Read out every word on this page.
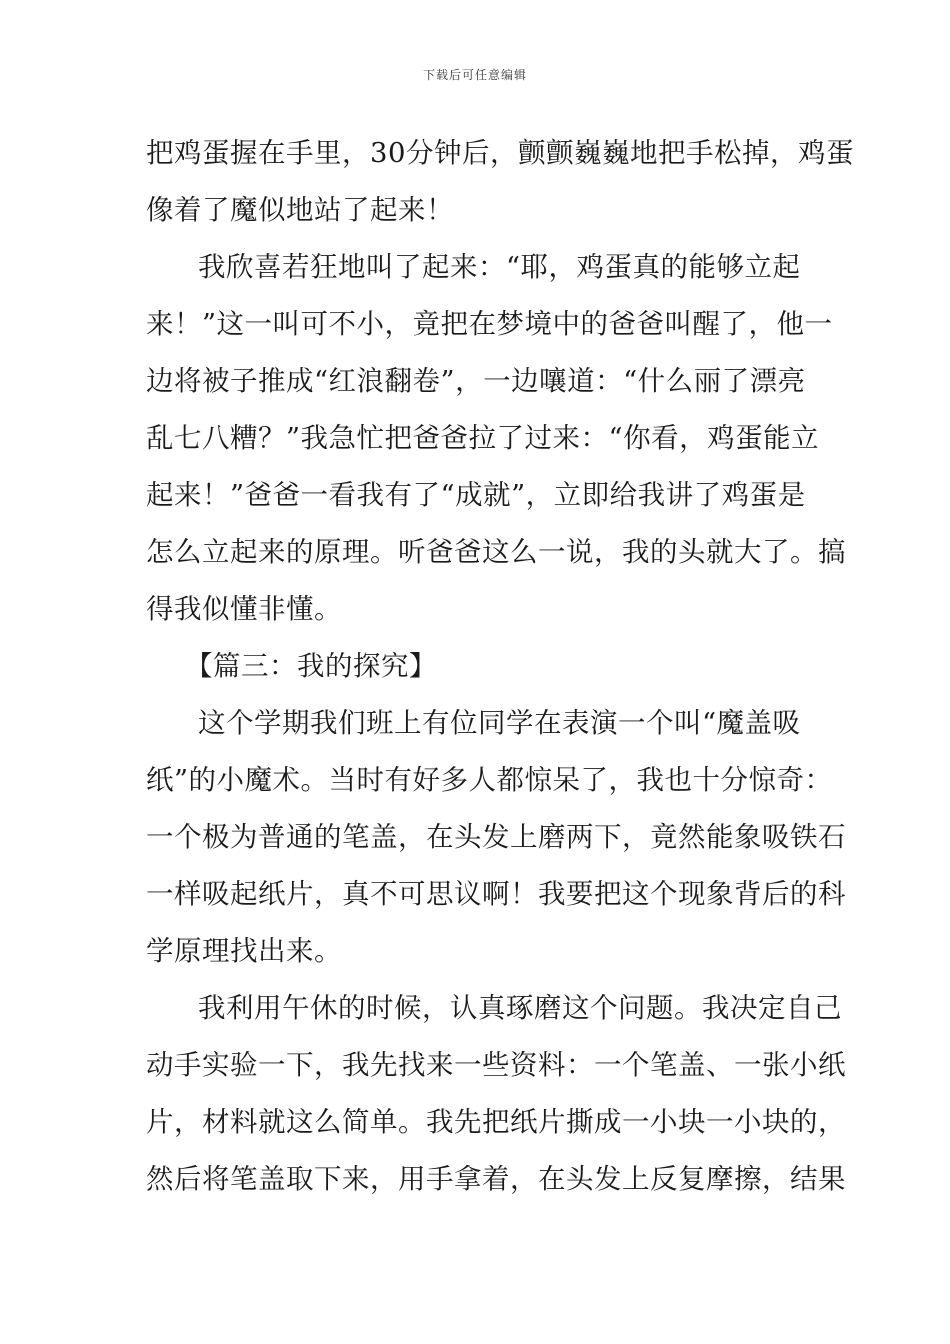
下载后可任意编辑
把鸡蛋握在手里，30分钟后，颤颤巍巍地把手松掉，鸡蛋
像着了魔似地站了起来！
我欣喜若狂地叫了起来：“耶，鸡蛋真的能够立起
来！”这一叫可不小，竟把在梦境中的爸爸叫醒了，他一
边将被子推成“红浪翻卷”，一边嚷道：“什么丽了漂亮
乱七八糟？”我急忙把爸爸拉了过来：“你看，鸡蛋能立
起来！”爸爸一看我有了“成就”，立即给我讲了鸡蛋是
怎么立起来的原理。听爸爸这么一说，我的头就大了。搞
得我似懂非懂。
【篇三：我的探究】
这个学期我们班上有位同学在表演一个叫“魔盖吸
纸”的小魔术。当时有好多人都惊呆了，我也十分惊奇：
一个极为普通的笔盖，在头发上磨两下，竟然能象吸铁石
一样吸起纸片，真不可思议啊！我要把这个现象背后的科
学原理找出来。
我利用午休的时候，认真琢磨这个问题。我决定自己
动手实验一下，我先找来一些资料：一个笔盖、一张小纸
片，材料就这么简单。我先把纸片撕成一小块一小块的，
然后将笔盖取下来，用手拿着，在头发上反复摩擦，结果
